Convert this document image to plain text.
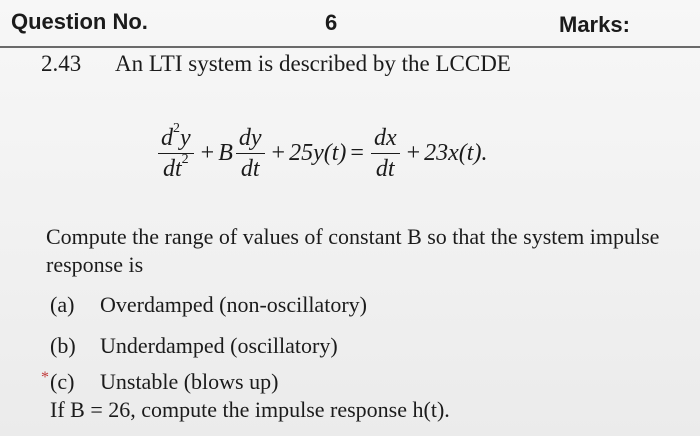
Question No.	6	Marks:
2.43 An LTI system is described by the LCCDE
$\frac{d^2y}{dt^2} + B \frac{dy}{dt} + 25y(t) = \frac{dx}{dt} + 23x(t)$.
Compute the range of values of constant B so that the system impulse response is
(a) Overdamped (non-oscillatory)
(b) Underdamped (oscillatory)
* (c) Unstable (blows up)
If B = 26, compute the impulse response h(t).
